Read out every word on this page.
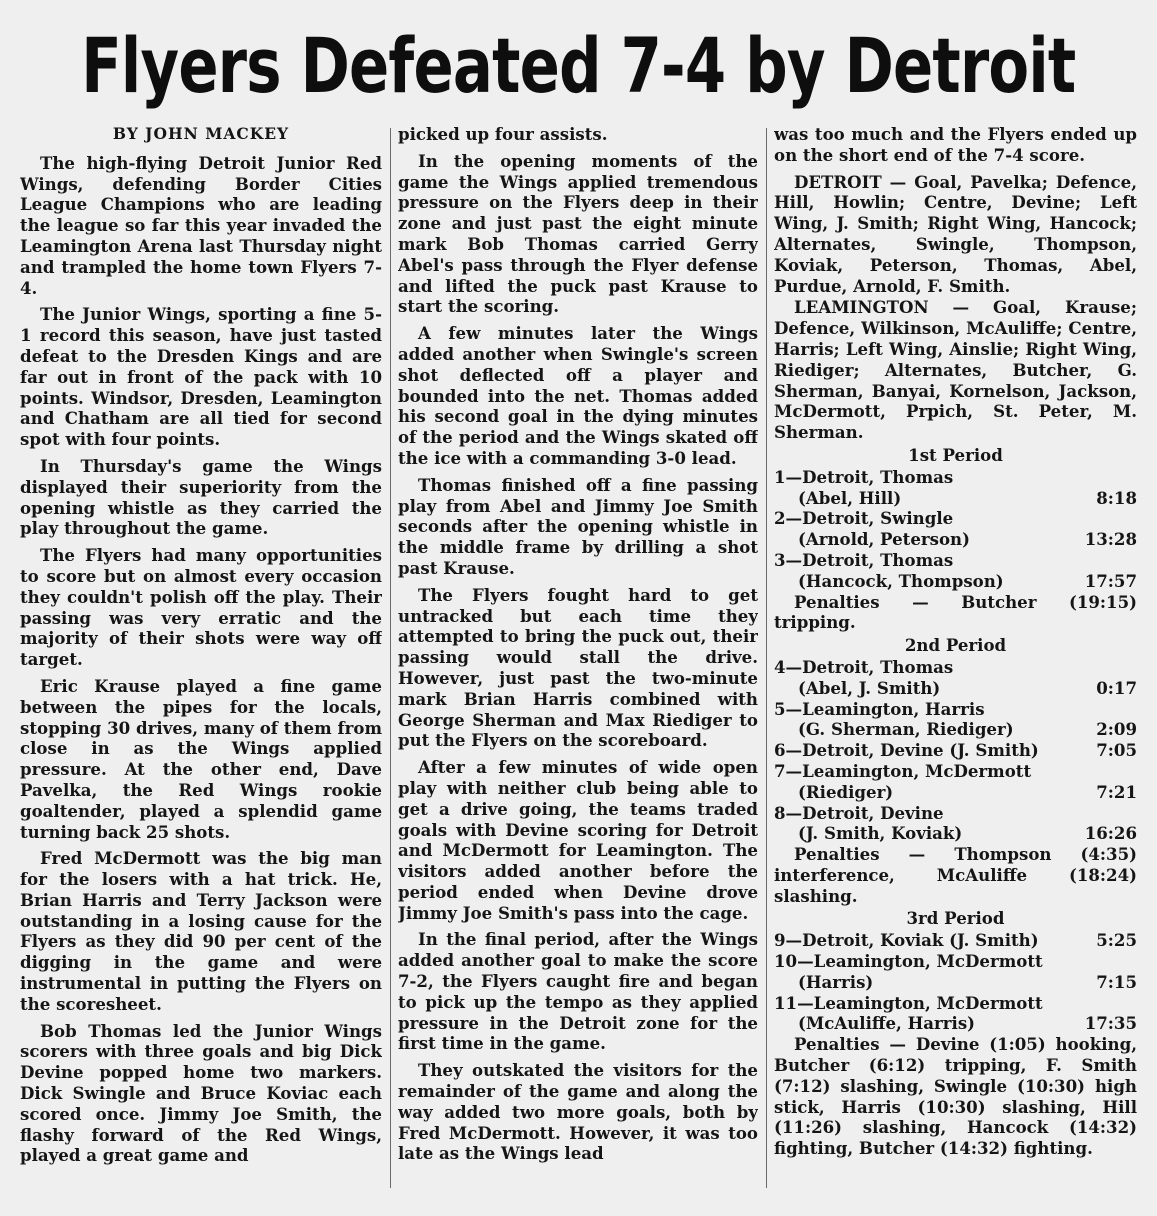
Flyers Defeated 7-4 by Detroit
BY JOHN MACKEY

The high-flying Detroit Junior Red Wings, defending Border Cities League Champions who are leading the league so far this year invaded the Leamington Arena last Thursday night and trampled the home town Flyers 7-4.

The Junior Wings, sporting a fine 5-1 record this season, have just tasted defeat to the Dresden Kings and are far out in front of the pack with 10 points. Windsor, Dresden, Leamington and Chatham are all tied for second spot with four points.

In Thursday's game the Wings displayed their superiority from the opening whistle as they carried the play throughout the game.

The Flyers had many opportunities to score but on almost every occasion they couldn't polish off the play. Their passing was very erratic and the majority of their shots were way off target.

Eric Krause played a fine game between the pipes for the locals, stopping 30 drives, many of them from close in as the Wings applied pressure. At the other end, Dave Pavelka, the Red Wings rookie goaltender, played a splendid game turning back 25 shots.

Fred McDermott was the big man for the losers with a hat trick. He, Brian Harris and Terry Jackson were outstanding in a losing cause for the Flyers as they did 90 per cent of the digging in the game and were instrumental in putting the Flyers on the scoresheet.

Bob Thomas led the Junior Wings scorers with three goals and big Dick Devine popped home two markers. Dick Swingle and Bruce Koviac each scored once. Jimmy Joe Smith, the flashy forward of the Red Wings, played a great game and

picked up four assists.

In the opening moments of the game the Wings applied tremendous pressure on the Flyers deep in their zone and just past the eight minute mark Bob Thomas carried Gerry Abel's pass through the Flyer defense and lifted the puck past Krause to start the scoring.

A few minutes later the Wings added another when Swingle's screen shot deflected off a player and bounded into the net. Thomas added his second goal in the dying minutes of the period and the Wings skated off the ice with a commanding 3-0 lead.

Thomas finished off a fine passing play from Abel and Jimmy Joe Smith seconds after the opening whistle in the middle frame by drilling a shot past Krause.

The Flyers fought hard to get untracked but each time they attempted to bring the puck out, their passing would stall the drive. However, just past the two-minute mark Brian Harris combined with George Sherman and Max Riediger to put the Flyers on the scoreboard.

After a few minutes of wide open play with neither club being able to get a drive going, the teams traded goals with Devine scoring for Detroit and McDermott for Leamington. The visitors added another before the period ended when Devine drove Jimmy Joe Smith's pass into the cage.

In the final period, after the Wings added another goal to make the score 7-2, the Flyers caught fire and began to pick up the tempo as they applied pressure in the Detroit zone for the first time in the game.

They outskated the visitors for the remainder of the game and along the way added two more goals, both by Fred McDermott. However, it was too late as the Wings lead

was too much and the Flyers ended up on the short end of the 7-4 score.

DETROIT — Goal, Pavelka; Defence, Hill, Howlin; Centre, Devine; Left Wing, J. Smith; Right Wing, Hancock; Alternates, Swingle, Thompson, Koviak, Peterson, Thomas, Abel, Purdue, Arnold, F. Smith.

LEAMINGTON — Goal, Krause; Defence, Wilkinson, McAuliffe; Centre, Harris; Left Wing, Ainslie; Right Wing, Riediger; Alternates, Butcher, G. Sherman, Banyai, Kornelson, Jackson, McDermott, Prpich, St. Peter, M. Sherman.

1st Period
1—Detroit, Thomas
(Abel, Hill)	8:18
2—Detroit, Swingle
(Arnold, Peterson)	13:28
3—Detroit, Thomas
(Hancock, Thompson)	17:57

Penalties — Butcher (19:15) tripping.

2nd Period
4—Detroit, Thomas
(Abel, J. Smith)	0:17
5—Leamington, Harris
(G. Sherman, Riediger)	2:09
6—Detroit, Devine (J. Smith)	7:05
7—Leamington, McDermott
(Riediger)	7:21
8—Detroit, Devine
(J. Smith, Koviak)	16:26

Penalties — Thompson (4:35) interference, McAuliffe (18:24) slashing.

3rd Period
9—Detroit, Koviak (J. Smith)	5:25
10—Leamington, McDermott
(Harris)	7:15
11—Leamington, McDermott
(McAuliffe, Harris)	17:35

Penalties — Devine (1:05) hooking, Butcher (6:12) tripping, F. Smith (7:12) slashing, Swingle (10:30) high stick, Harris (10:30) slashing, Hill (11:26) slashing, Hancock (14:32) fighting, Butcher (14:32) fighting.
